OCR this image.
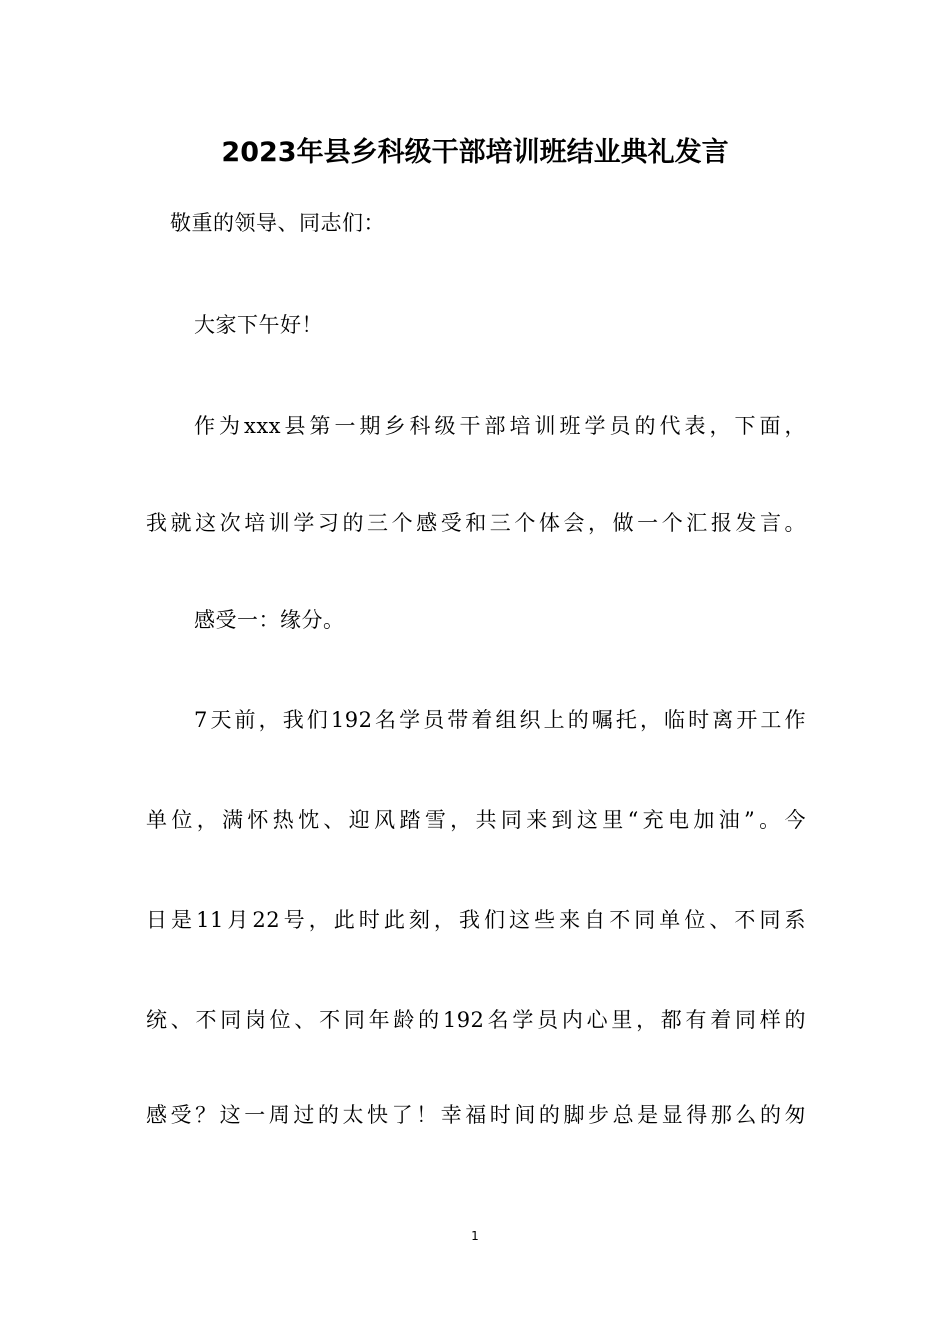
2023年县乡科级干部培训班结业典礼发言
敬重的领导、同志们：
大家下午好！
作为xxx县第一期乡科级干部培训班学员的代表，下面，
我就这次培训学习的三个感受和三个体会，做一个汇报发言。
感受一：缘分。
7天前，我们192名学员带着组织上的嘱托，临时离开工作
单位，满怀热忱、迎风踏雪，共同来到这里“充电加油”。今
日是11月22号，此时此刻，我们这些来自不同单位、不同系
统、不同岗位、不同年龄的192名学员内心里，都有着同样的
感受？这一周过的太快了！幸福时间的脚步总是显得那么的匆
1
